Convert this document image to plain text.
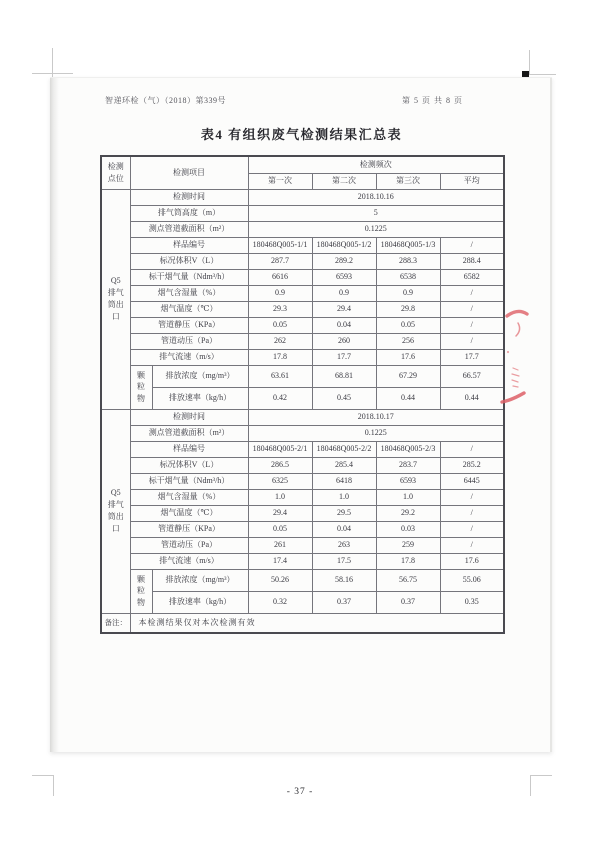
智递环检（气）（2018）第339号	第 5 页 共 8 页
表4 有组织废气检测结果汇总表
检测点位	检测项目		检测频次			
			第一次	第二次	第三次	平均
Q5排气筒出口	检测时间		2018.10.16			
	排气筒高度（m）		5			
	测点管道截面积（m²）		0.1225			
	样品编号		180468Q005-1/1	180468Q005-1/2	180468Q005-1/3	/
	标况体积V（L）		287.7	289.2	288.3	288.4
	标干烟气量（Ndm³/h）		6616	6593	6538	6582
	烟气含湿量（%）		0.9	0.9	0.9	/
	烟气温度（℃）		29.3	29.4	29.8	/
	管道静压（KPa）		0.05	0.04	0.05	/
	管道动压（Pa）		262	260	256	/
	排气流速（m/s）		17.8	17.7	17.6	17.7
	颗粒物	排放浓度（mg/m³）	63.61	68.81	67.29	66.57
		排放速率（kg/h）	0.42	0.45	0.44	0.44
Q5排气筒出口	检测时间		2018.10.17			
	测点管道截面积（m²）		0.1225			
	样品编号		180468Q005-2/1	180468Q005-2/2	180468Q005-2/3	/
	标况体积V（L）		286.5	285.4	283.7	285.2
	标干烟气量（Ndm³/h）		6325	6418	6593	6445
	烟气含湿量（%）		1.0	1.0	1.0	/
	烟气温度（℃）		29.4	29.5	29.2	/
	管道静压（KPa）		0.05	0.04	0.03	/
	管道动压（Pa）		261	263	259	/
	排气流速（m/s）		17.4	17.5	17.8	17.6
	颗粒物	排放浓度（mg/m³）	50.26	58.16	56.75	55.06
		排放速率（kg/h）	0.32	0.37	0.37	0.35
备注：	本检测结果仅对本次检测有效					
- 37 -
